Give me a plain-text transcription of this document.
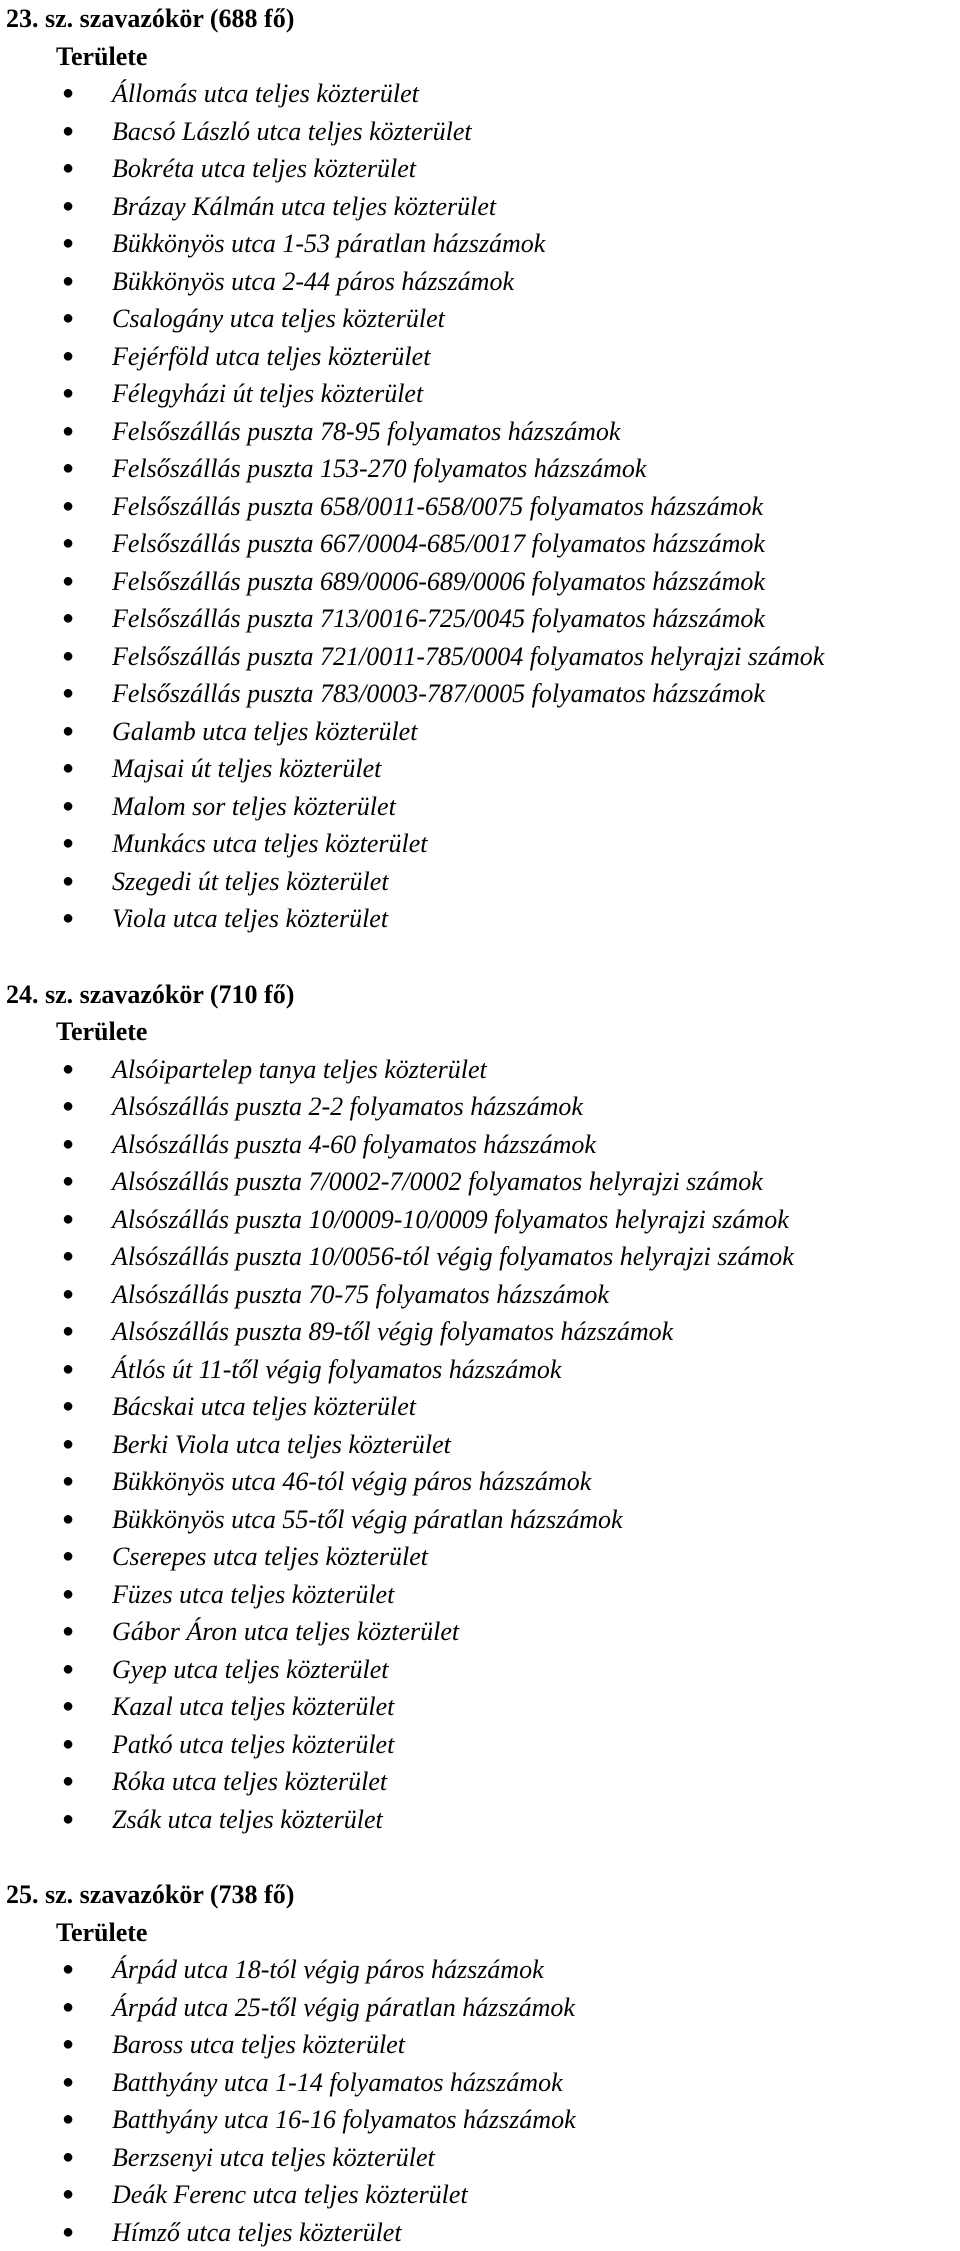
23. sz. szavazókör (688 fő)
Területe
● Állomás utca teljes közterület
● Bacsó László utca teljes közterület
● Bokréta utca teljes közterület
● Brázay Kálmán utca teljes közterület
● Bükkönyös utca 1-53 páratlan házszámok
● Bükkönyös utca 2-44 páros házszámok
● Csalogány utca teljes közterület
● Fejérföld utca teljes közterület
● Félegyházi út teljes közterület
● Felsőszállás puszta 78-95 folyamatos házszámok
● Felsőszállás puszta 153-270 folyamatos házszámok
● Felsőszállás puszta 658/0011-658/0075 folyamatos házszámok
● Felsőszállás puszta 667/0004-685/0017 folyamatos házszámok
● Felsőszállás puszta 689/0006-689/0006 folyamatos házszámok
● Felsőszállás puszta 713/0016-725/0045 folyamatos házszámok
● Felsőszállás puszta 721/0011-785/0004 folyamatos helyrajzi számok
● Felsőszállás puszta 783/0003-787/0005 folyamatos házszámok
● Galamb utca teljes közterület
● Majsai út teljes közterület
● Malom sor teljes közterület
● Munkács utca teljes közterület
● Szegedi út teljes közterület
● Viola utca teljes közterület
24. sz. szavazókör (710 fő)
Területe
● Alsóipartelep tanya teljes közterület
● Alsószállás puszta 2-2 folyamatos házszámok
● Alsószállás puszta 4-60 folyamatos házszámok
● Alsószállás puszta 7/0002-7/0002 folyamatos helyrajzi számok
● Alsószállás puszta 10/0009-10/0009 folyamatos helyrajzi számok
● Alsószállás puszta 10/0056-tól végig folyamatos helyrajzi számok
● Alsószállás puszta 70-75 folyamatos házszámok
● Alsószállás puszta 89-től végig folyamatos házszámok
● Átlós út 11-től végig folyamatos házszámok
● Bácskai utca teljes közterület
● Berki Viola utca teljes közterület
● Bükkönyös utca 46-tól végig páros házszámok
● Bükkönyös utca 55-től végig páratlan házszámok
● Cserepes utca teljes közterület
● Füzes utca teljes közterület
● Gábor Áron utca teljes közterület
● Gyep utca teljes közterület
● Kazal utca teljes közterület
● Patkó utca teljes közterület
● Róka utca teljes közterület
● Zsák utca teljes közterület
25. sz. szavazókör (738 fő)
Területe
● Árpád utca 18-tól végig páros házszámok
● Árpád utca 25-től végig páratlan házszámok
● Baross utca teljes közterület
● Batthyány utca 1-14 folyamatos házszámok
● Batthyány utca 16-16 folyamatos házszámok
● Berzsenyi utca teljes közterület
● Deák Ferenc utca teljes közterület
● Hímző utca teljes közterület
